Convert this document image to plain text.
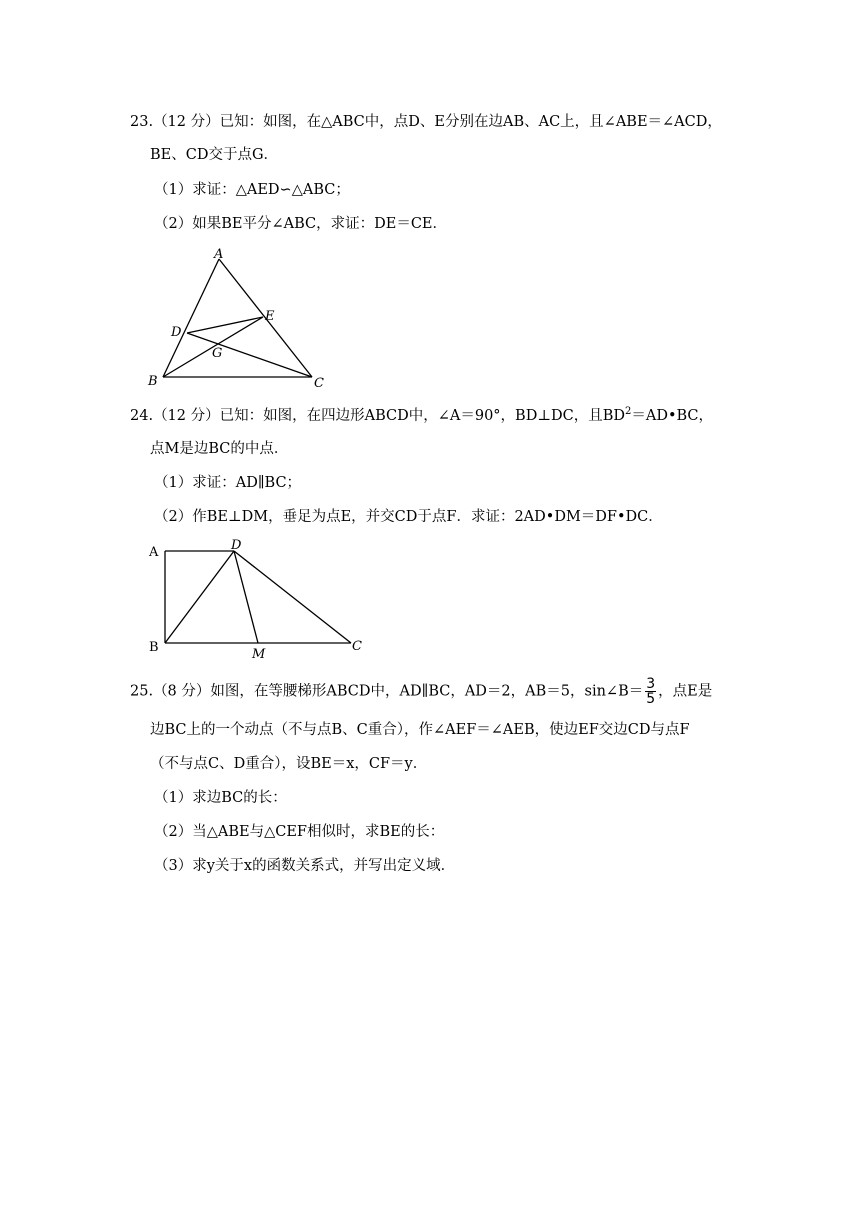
23.（12 分）已知：如图，在△ABC中，点D、E分别在边AB、AC上，且∠ABE＝∠ACD，
BE、CD交于点G．
（1）求证：△AED∽△ABC；
（2）如果BE平分∠ABC，求证：DE＝CE．
A
B	C
D
E
G
24.（12 分）已知：如图，在四边形ABCD中，∠A＝90°，BD⊥DC，且$BD^2=AD•BC$，
点M是边BC的中点．
（1）求证：AD∥BC；
（2）作BE⊥DM，垂足为点E，并交CD于点F．求证：2AD•DM＝DF•DC．
A	D
B	M
C
25.（8 分）如图，在等腰梯形ABCD中，AD∥BC，AD＝2，AB＝5，sin∠B＝ $\frac{3}{5}$ ，点E是
边BC上的一个动点（不与点B、C重合），作∠AEF＝∠AEB，使边EF交边CD与点F
（不与点C、D重合），设BE＝x，CF＝y．
（1）求边BC的长：
（2）当△ABE与△CEF相似时，求BE的长：
（3）求y关于x的函数关系式，并写出定义域．
